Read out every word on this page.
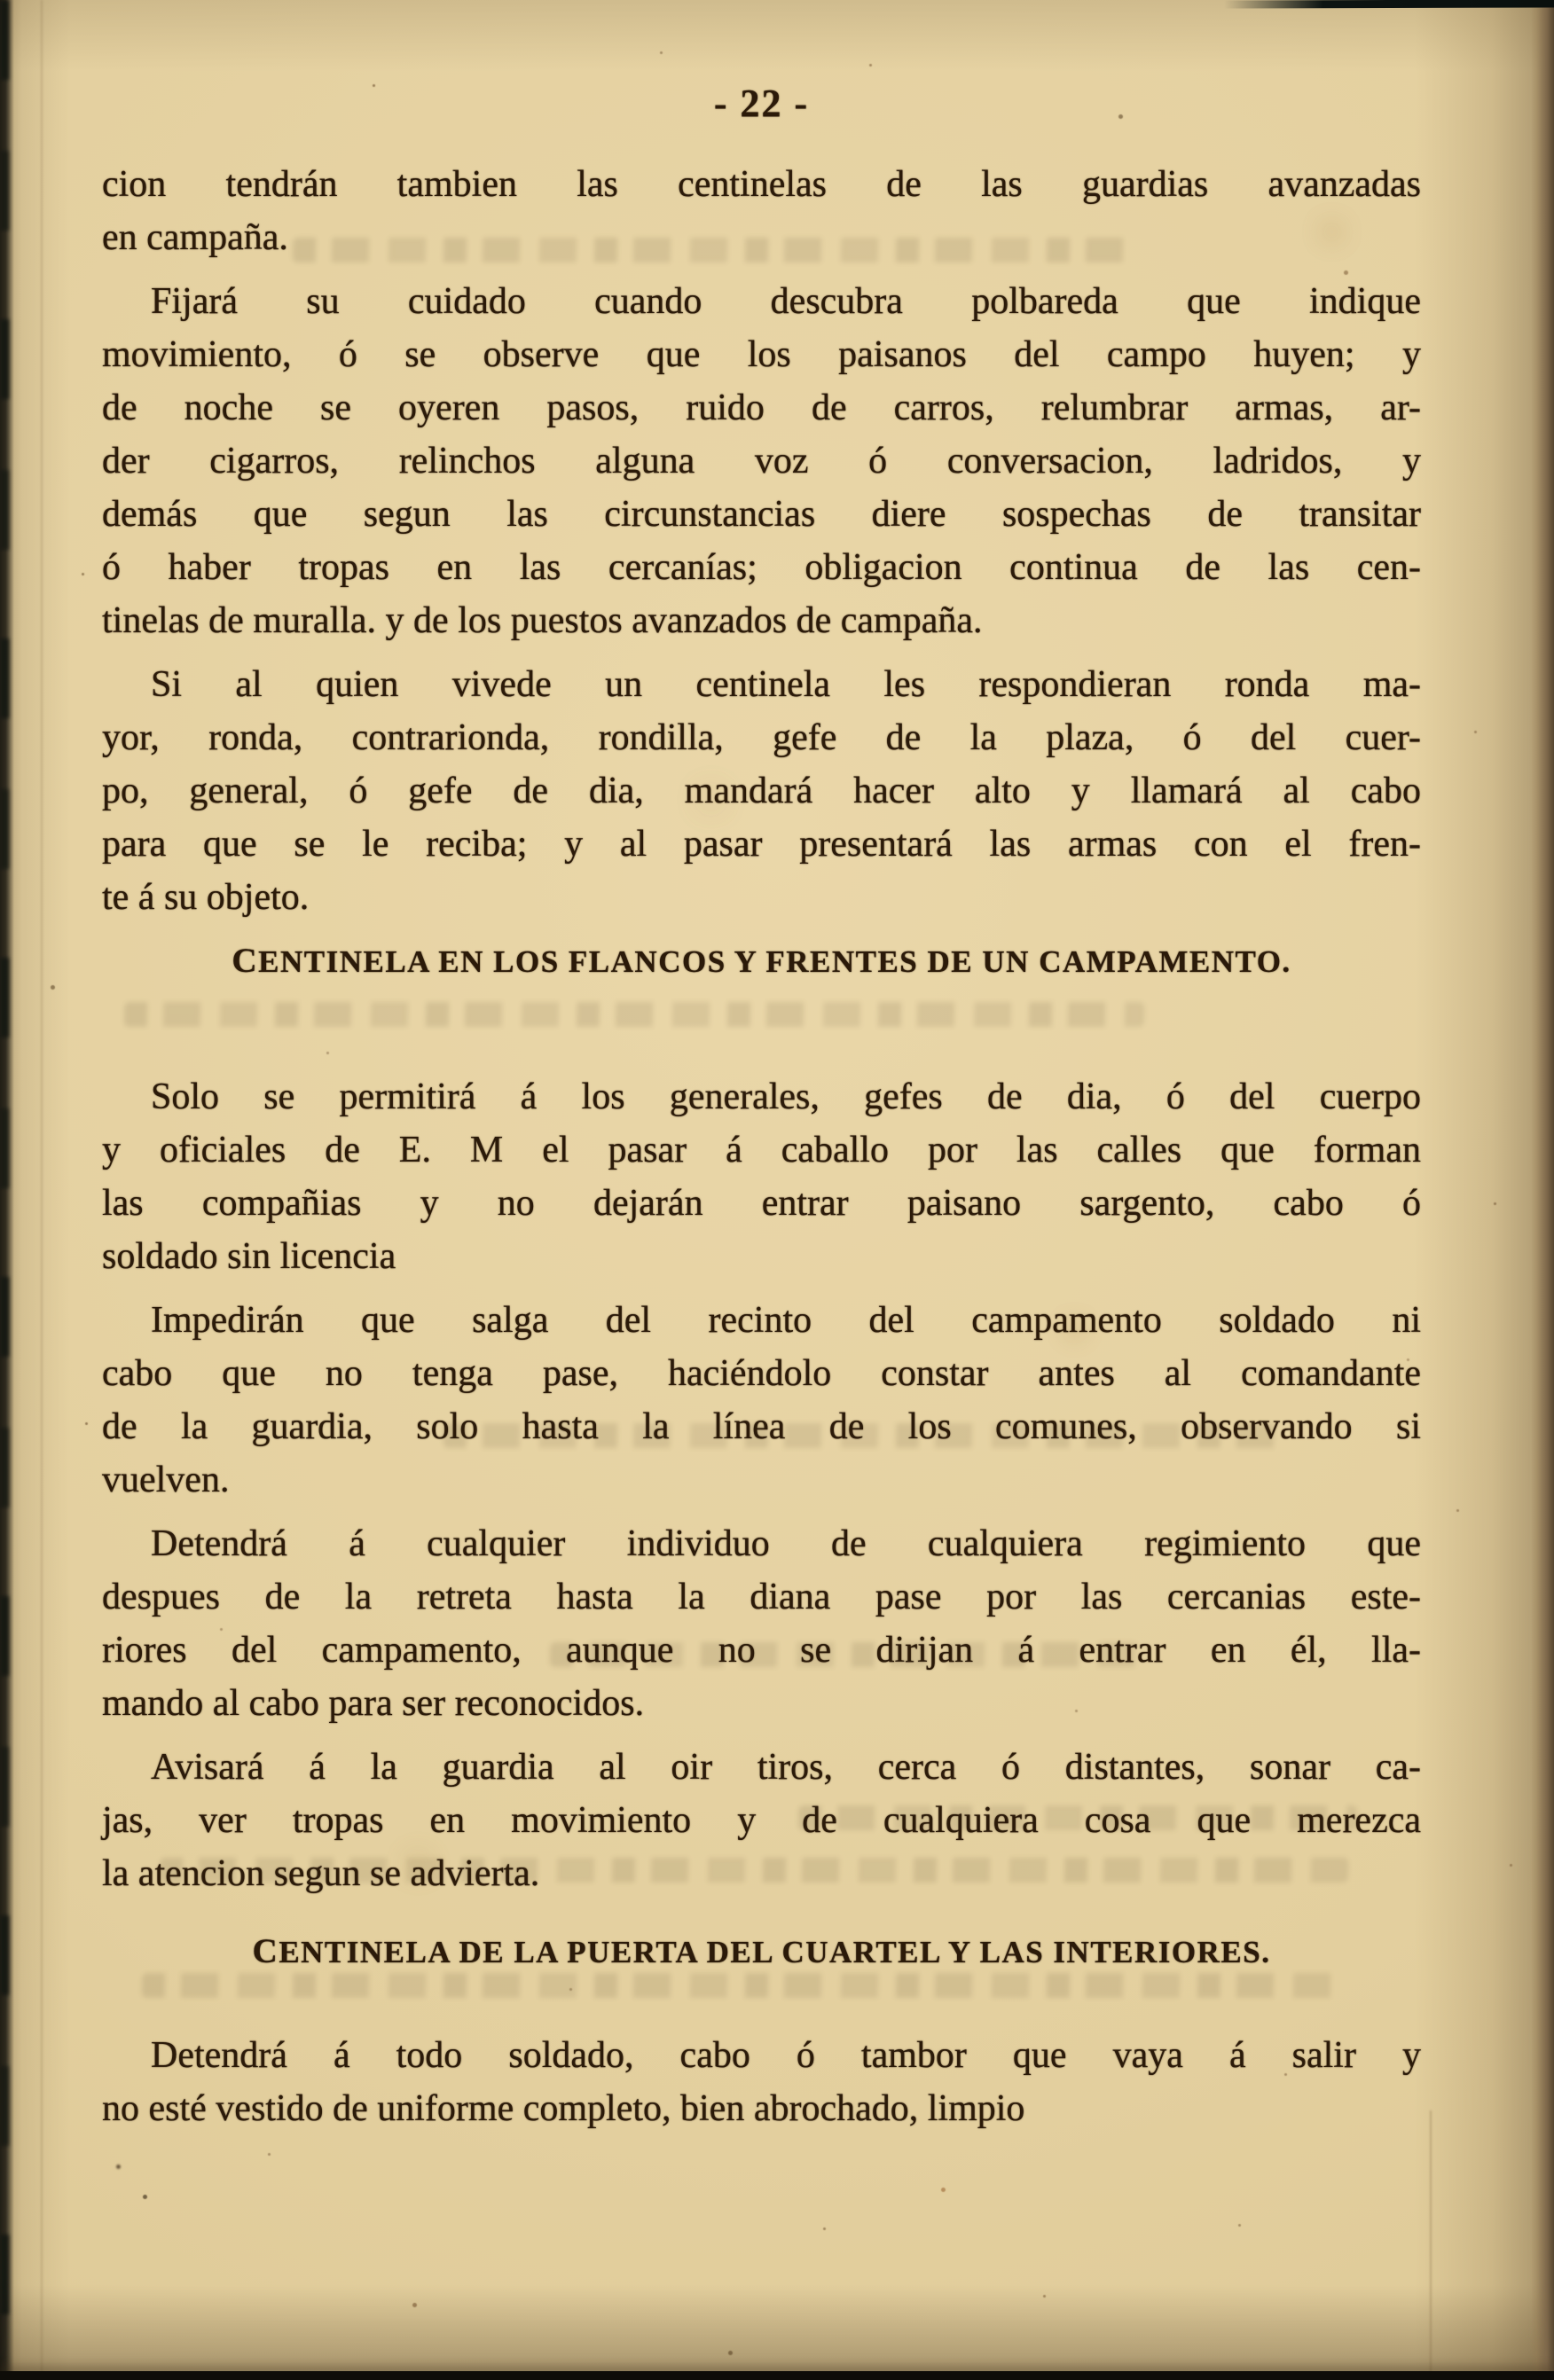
- 22 -

cion tendrán tambien las centinelas de las guardias avanzadas
en campaña.

Fijará su cuidado cuando descubra polbareda que indique
movimiento, ó se observe que los paisanos del campo huyen; y
de noche se oyeren pasos, ruido de carros, relumbrar armas, ar-
der cigarros, relinchos alguna voz ó conversacion, ladridos, y
demás que segun las circunstancias diere sospechas de transitar
ó haber tropas en las cercanías; obligacion continua de las cen-
tinelas de muralla. y de los puestos avanzados de campaña.

Si al quien vivede un centinela les respondieran ronda ma-
yor, ronda, contrarionda, rondilla, gefe de la plaza, ó del cuer-
po, general, ó gefe de dia, mandará hacer alto y llamará al cabo
para que se le reciba; y al pasar presentará las armas con el fren-
te á su objeto.

CENTINELA EN LOS FLANCOS Y FRENTES DE UN CAMPAMENTO.

Solo se permitirá á los generales, gefes de dia, ó del cuerpo
y oficiales de E. M el pasar á caballo por las calles que forman
las compañias y no dejarán entrar paisano sargento, cabo ó
soldado sin licencia

Impedirán que salga del recinto del campamento soldado ni
cabo que no tenga pase, haciéndolo constar antes al comandante
de la guardia, solo hasta la línea de los comunes, observando si
vuelven.

Detendrá á cualquier individuo de cualquiera regimiento que
despues de la retreta hasta la diana pase por las cercanias este-
riores del campamento, aunque no se dirijan á entrar en él, lla-
mando al cabo para ser reconocidos.

Avisará á la guardia al oir tiros, cerca ó distantes, sonar ca-
jas, ver tropas en movimiento y de cualquiera cosa que merezca
la atencion segun se advierta.

CENTINELA DE LA PUERTA DEL CUARTEL Y LAS INTERIORES.

Detendrá á todo soldado, cabo ó tambor que vaya á salir y
no esté vestido de uniforme completo, bien abrochado, limpio
